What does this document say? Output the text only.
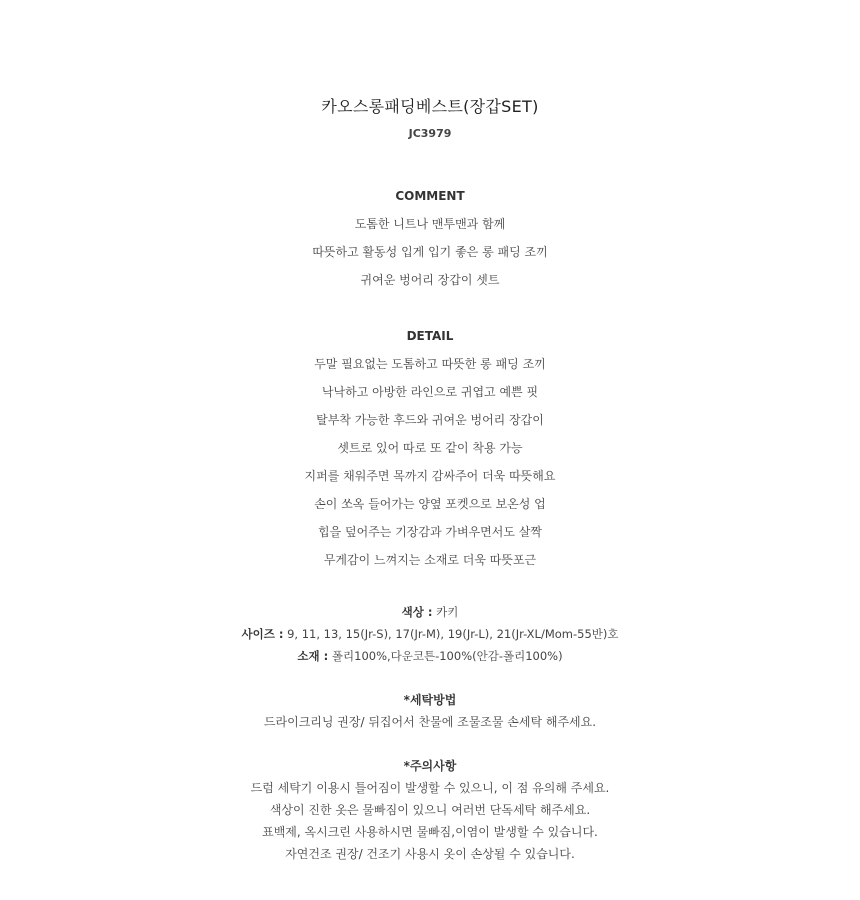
카오스롱패딩베스트(장갑SET)
JC3979
COMMENT
도톰한 니트나 맨투맨과 함께
따뜻하고 활동성 입게 입기 좋은 롱 패딩 조끼
귀여운 벙어리 장갑이 셋트
DETAIL
두말 필요없는 도톰하고 따뜻한 롱 패딩 조끼
낙낙하고 아방한 라인으로 귀엽고 예쁜 핏
탈부착 가능한 후드와 귀여운 벙어리 장갑이
셋트로 있어 따로 또 같이 착용 가능
지퍼를 채워주면 목까지 감싸주어 더욱 따뜻해요
손이 쏘옥 들어가는 양옆 포켓으로 보온성 업
힙을 덮어주는 기장감과 가벼우면서도 살짝
무게감이 느껴지는 소재로 더욱 따뜻포근
색상 : 카키
사이즈 : 9, 11, 13, 15(Jr-S), 17(Jr-M), 19(Jr-L), 21(Jr-XL/Mom-55반)호
소재 : 폴리100%,다운코튼-100%(안감-폴리100%)
*세탁방법
드라이크리닝 권장/ 뒤집어서 찬물에 조물조물 손세탁 해주세요.
*주의사항
드럼 세탁기 이용시 틀어짐이 발생할 수 있으니, 이 점 유의해 주세요.
색상이 진한 옷은 물빠짐이 있으니 여러번 단독세탁 해주세요.
표백제, 옥시크린 사용하시면 물빠짐,이염이 발생할 수 있습니다.
자연건조 권장/ 건조기 사용시 옷이 손상될 수 있습니다.
